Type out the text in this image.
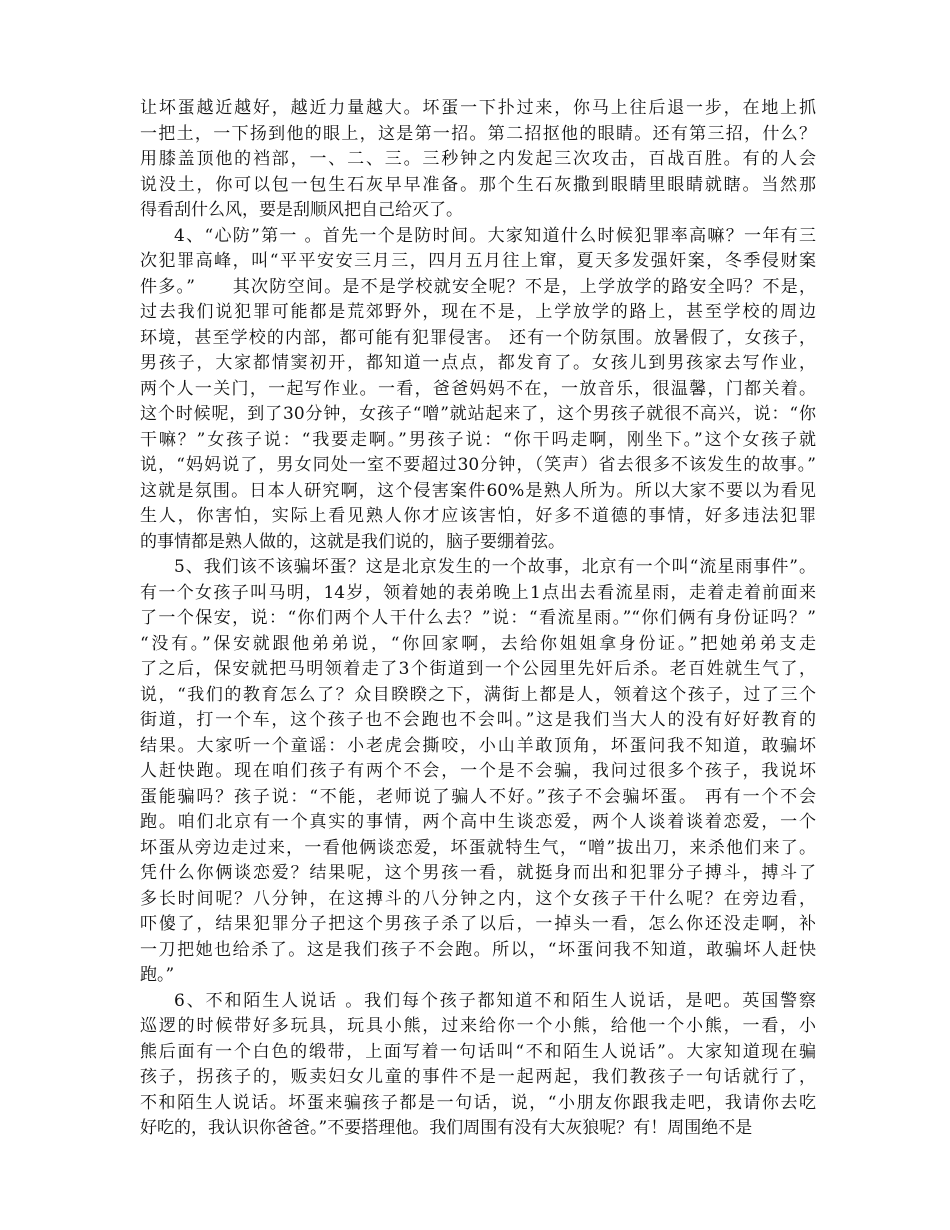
让坏蛋越近越好，越近力量越大。坏蛋一下扑过来，你马上往后退一步，在地上抓
一把土，一下扬到他的眼上，这是第一招。第二招抠他的眼睛。还有第三招，什么？
用膝盖顶他的裆部，一、二、三。三秒钟之内发起三次攻击，百战百胜。有的人会
说没土，你可以包一包生石灰早早准备。那个生石灰撒到眼睛里眼睛就瞎。当然那
得看刮什么风，要是刮顺风把自己给灭了。
4、“心防”第一 。首先一个是防时间。大家知道什么时候犯罪率高嘛？一年有三
次犯罪高峰，叫“平平安安三月三，四月五月往上窜，夏天多发强奸案，冬季侵财案
件多。”　　其次防空间。是不是学校就安全呢？不是，上学放学的路安全吗？不是，
过去我们说犯罪可能都是荒郊野外，现在不是，上学放学的路上，甚至学校的周边
环境，甚至学校的内部，都可能有犯罪侵害。 还有一个防氛围。放暑假了，女孩子，
男孩子，大家都情窦初开，都知道一点点，都发育了。女孩儿到男孩家去写作业，
两个人一关门，一起写作业。一看，爸爸妈妈不在，一放音乐，很温馨，门都关着。
这个时候呢，到了30分钟，女孩子“噌”就站起来了，这个男孩子就很不高兴，说：“你
干嘛？”女孩子说：“我要走啊。”男孩子说：“你干吗走啊，刚坐下。”这个女孩子就
说，“妈妈说了，男女同处一室不要超过30分钟，（笑声）省去很多不该发生的故事。”
这就是氛围。日本人研究啊，这个侵害案件60%是熟人所为。所以大家不要以为看见
生人，你害怕，实际上看见熟人你才应该害怕，好多不道德的事情，好多违法犯罪
的事情都是熟人做的，这就是我们说的，脑子要绷着弦。
5、我们该不该骗坏蛋？这是北京发生的一个故事，北京有一个叫“流星雨事件”。
有一个女孩子叫马明，14岁，领着她的表弟晚上1点出去看流星雨，走着走着前面来
了一个保安，说：“你们两个人干什么去？”说：“看流星雨。”“你们俩有身份证吗？”
“没有。”保安就跟他弟弟说，“你回家啊，去给你姐姐拿身份证。”把她弟弟支走
了之后，保安就把马明领着走了3个街道到一个公园里先奸后杀。老百姓就生气了，
说，“我们的教育怎么了？众目睽睽之下，满街上都是人，领着这个孩子，过了三个
街道，打一个车，这个孩子也不会跑也不会叫。”这是我们当大人的没有好好教育的
结果。大家听一个童谣：小老虎会撕咬，小山羊敢顶角，坏蛋问我不知道，敢骗坏
人赶快跑。现在咱们孩子有两个不会，一个是不会骗，我问过很多个孩子，我说坏
蛋能骗吗？孩子说：“不能，老师说了骗人不好。”孩子不会骗坏蛋。 再有一个不会
跑。咱们北京有一个真实的事情，两个高中生谈恋爱，两个人谈着谈着恋爱，一个
坏蛋从旁边走过来，一看他俩谈恋爱，坏蛋就特生气，“噌”拔出刀，来杀他们来了。
凭什么你俩谈恋爱？结果呢，这个男孩一看，就挺身而出和犯罪分子搏斗，搏斗了
多长时间呢？八分钟，在这搏斗的八分钟之内，这个女孩子干什么呢？在旁边看，
吓傻了，结果犯罪分子把这个男孩子杀了以后，一掉头一看，怎么你还没走啊，补
一刀把她也给杀了。这是我们孩子不会跑。所以，“坏蛋问我不知道，敢骗坏人赶快
跑。”
6、不和陌生人说话 。我们每个孩子都知道不和陌生人说话，是吧。英国警察
巡逻的时候带好多玩具，玩具小熊，过来给你一个小熊，给他一个小熊，一看，小
熊后面有一个白色的缎带，上面写着一句话叫“不和陌生人说话”。大家知道现在骗
孩子，拐孩子的，贩卖妇女儿童的事件不是一起两起，我们教孩子一句话就行了，
不和陌生人说话。坏蛋来骗孩子都是一句话，说，“小朋友你跟我走吧，我请你去吃
好吃的，我认识你爸爸。”不要搭理他。我们周围有没有大灰狼呢？有！周围绝不是
